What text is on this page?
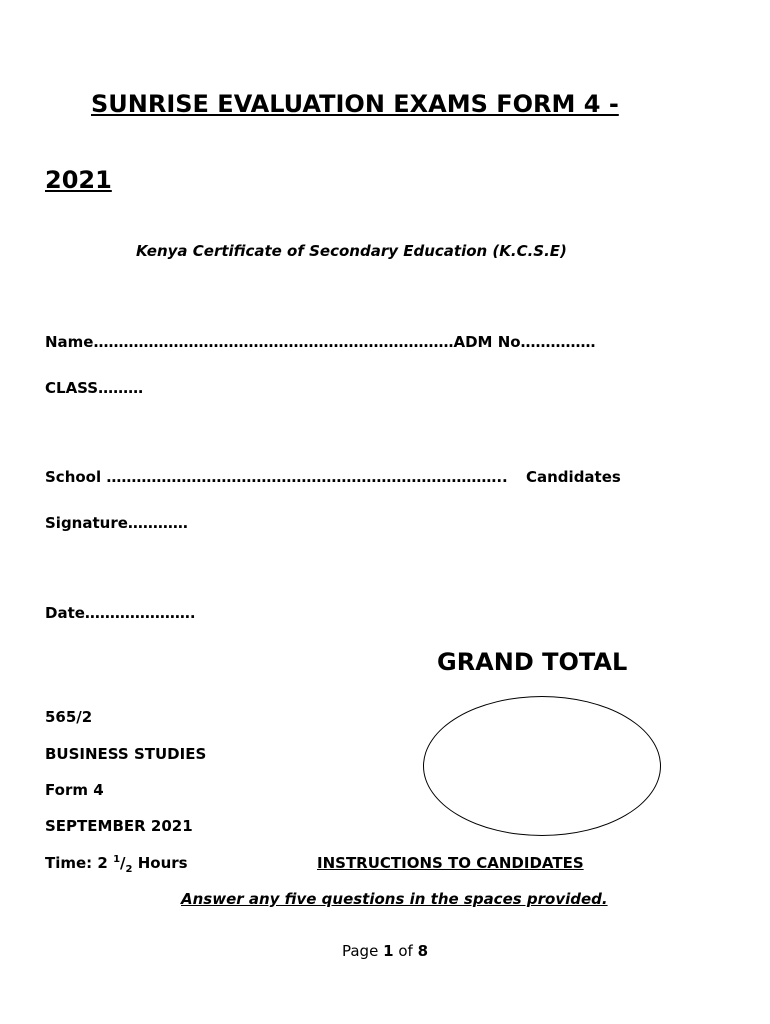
SUNRISE EVALUATION EXAMS FORM 4 -
2021
Kenya Certificate of Secondary Education (K.C.S.E)
Name………………………………………………………………ADM No……………
CLASS………
School …………………………………………………………………….. Candidates
Signature…………
Date………………….
GRAND TOTAL
565/2
BUSINESS STUDIES
Form 4
SEPTEMBER 2021
Time: 2 $^1/_2$ Hours	INSTRUCTIONS TO CANDIDATES
Answer any five questions in the spaces provided.
Page 1 of 8
